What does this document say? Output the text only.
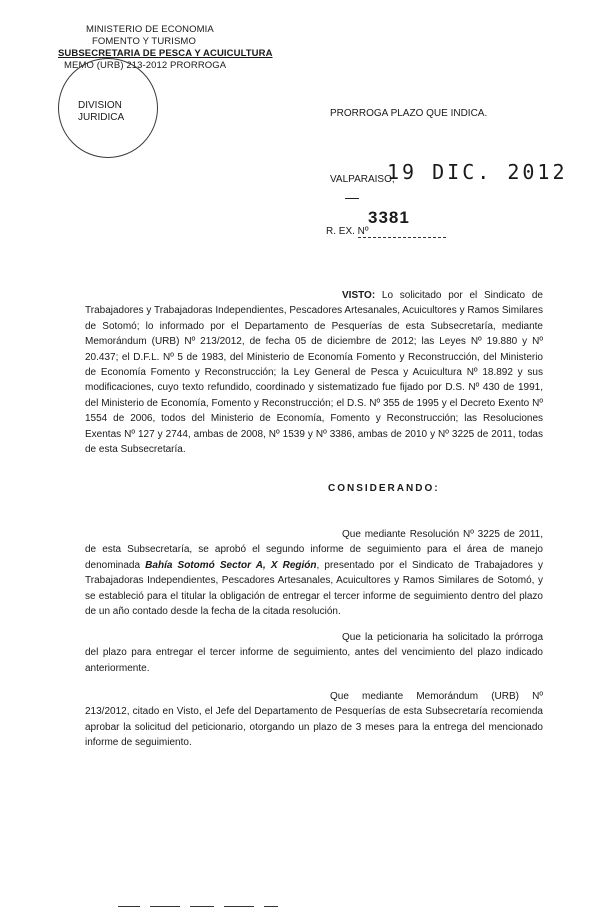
MINISTERIO DE ECONOMIA
FOMENTO Y TURISMO
SUBSECRETARIA DE PESCA Y ACUICULTURA
MEMO (URB) 213-2012 PRORROGA
DIVISION
JURIDICA	PRORROGA PLAZO QUE INDICA.
VALPARAISO,
19 DIC. 2012
3381
R. EX. Nº

VISTO: Lo solicitado por el Sindicato de Trabajadores y Trabajadoras Independientes, Pescadores Artesanales, Acuicultores y Ramos Similares de Sotomó; lo informado por el Departamento de Pesquerías de esta Subsecretaría, mediante Memorándum (URB) Nº 213/2012, de fecha 05 de diciembre de 2012; las Leyes Nº 19.880 y Nº 20.437; el D.F.L. Nº 5 de 1983, del Ministerio de Economía Fomento y Reconstrucción, del Ministerio de Economía Fomento y Reconstrucción; la Ley General de Pesca y Acuicultura Nº 18.892 y sus modificaciones, cuyo texto refundido, coordinado y sistematizado fue fijado por D.S. Nº 430 de 1991, del Ministerio de Economía, Fomento y Reconstrucción; el D.S. Nº 355 de 1995 y el Decreto Exento Nº 1554 de 2006, todos del Ministerio de Economía, Fomento y Reconstrucción; las Resoluciones Exentas Nº 127 y 2744, ambas de 2008, Nº 1539 y Nº 3386, ambas de 2010 y Nº 3225 de 2011, todas de esta Subsecretaría.

CONSIDERANDO:

Que mediante Resolución Nº 3225 de 2011, de esta Subsecretaría, se aprobó el segundo informe de seguimiento para el área de manejo denominada Bahía Sotomó Sector A, X Región, presentado por el Sindicato de Trabajadores y Trabajadoras Independientes, Pescadores Artesanales, Acuicultores y Ramos Similares de Sotomó, y se estableció para el titular la obligación de entregar el tercer informe de seguimiento dentro del plazo de un año contado desde la fecha de la citada resolución.

Que la peticionaria ha solicitado la prórroga del plazo para entregar el tercer informe de seguimiento, antes del vencimiento del plazo indicado anteriormente.

Que mediante Memorándum (URB) Nº 213/2012, citado en Visto, el Jefe del Departamento de Pesquerías de esta Subsecretaría recomienda aprobar la solicitud del peticionario, otorgando un plazo de 3 meses para la entrega del mencionado informe de seguimiento.
